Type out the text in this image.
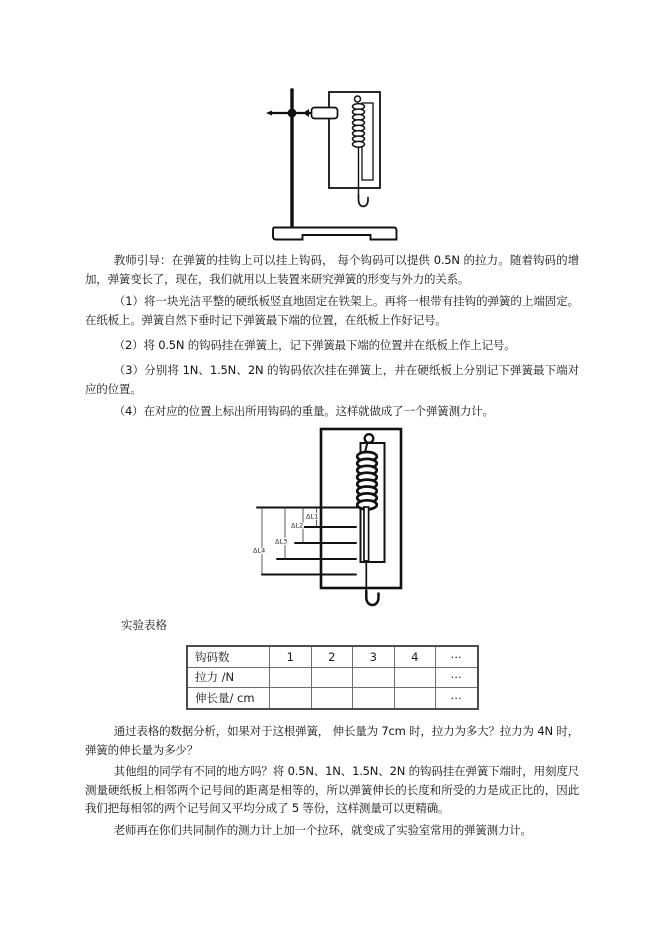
教师引导：在弹簧的挂钩上可以挂上钩码， 每个钩码可以提供 0.5N 的拉力。随着钩码的增加，弹簧变长了，现在，我们就用以上装置来研究弹簧的形变与外力的关系。
（1）将一块光洁平整的硬纸板竖直地固定在铁架上。再将一根带有挂钩的弹簧的上端固定。在纸板上。弹簧自然下垂时记下弹簧最下端的位置，在纸板上作好记号。
（2）将 0.5N 的钩码挂在弹簧上，记下弹簧最下端的位置并在纸板上作上记号。
（3）分别将 1N、1.5N、2N 的钩码依次挂在弹簧上，并在硬纸板上分别记下弹簧最下端对应的位置。
（4）在对应的位置上标出所用钩码的重量。这样就做成了一个弹簧测力计。
ΔL1
ΔL2
ΔL3
ΔL4
实验表格
钩码数	1	2	3	4	⋯
拉力 /N					⋯
伸长量/ cm					⋯
通过表格的数据分析，如果对于这根弹簧， 伸长量为 7cm 时，拉力为多大？拉力为 4N 时，弹簧的伸长量为多少？
其他组的同学有不同的地方吗？将 0.5N、1N、1.5N、2N 的钩码挂在弹簧下端时，用刻度尺测量硬纸板上相邻两个记号间的距离是相等的，所以弹簧伸长的长度和所受的力是成正比的，因此我们把每相邻的两个记号间又平均分成了 5 等份，这样测量可以更精确。
老师再在你们共同制作的测力计上加一个拉环，就变成了实验室常用的弹簧测力计。
